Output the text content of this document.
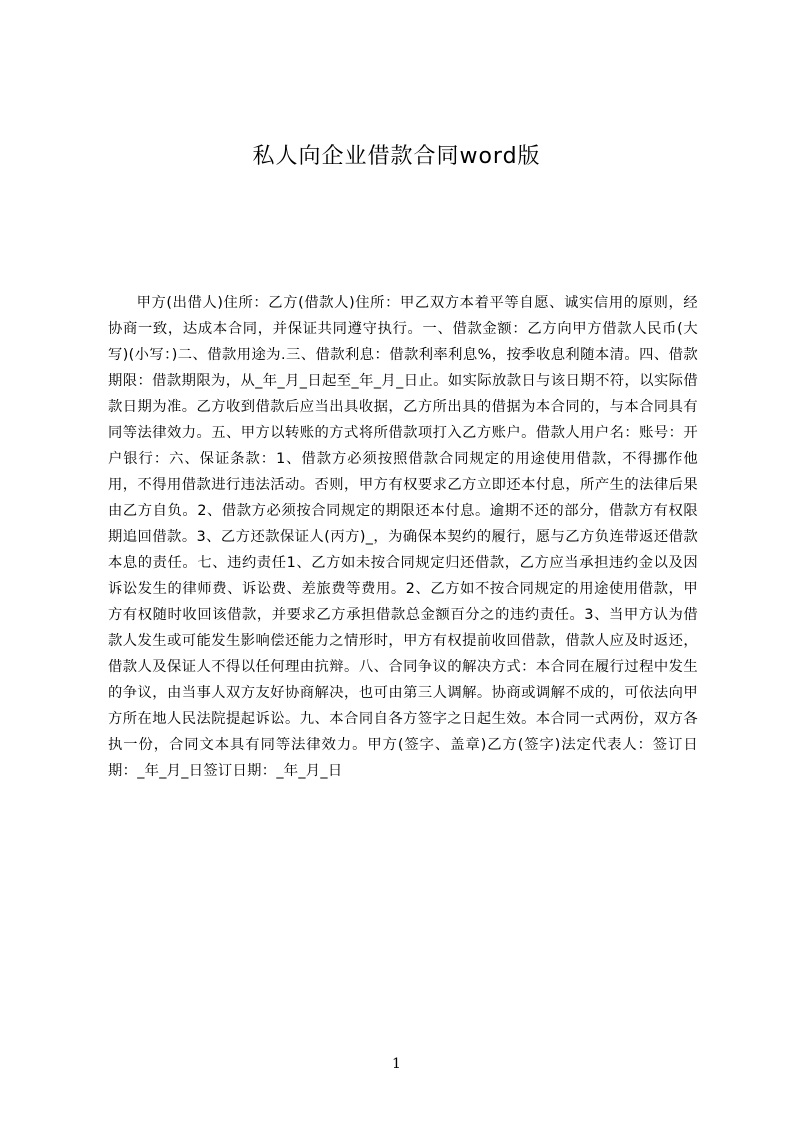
私人向企业借款合同word版

甲方(出借人)住所：乙方(借款人)住所：甲乙双方本着平等自愿、诚实信用的原则，经协商一致，达成本合同，并保证共同遵守执行。一、借款金额：乙方向甲方借款人民币(大写)(小写：)二、借款用途为.三、借款利息：借款利率利息%，按季收息利随本清。四、借款期限：借款期限为，从_年_月_日起至_年_月_日止。如实际放款日与该日期不符，以实际借款日期为准。乙方收到借款后应当出具收据，乙方所出具的借据为本合同的，与本合同具有同等法律效力。五、甲方以转账的方式将所借款项打入乙方账户。借款人用户名：账号：开户银行：六、保证条款：1、借款方必须按照借款合同规定的用途使用借款，不得挪作他用，不得用借款进行违法活动。否则，甲方有权要求乙方立即还本付息，所产生的法律后果由乙方自负。2、借款方必须按合同规定的期限还本付息。逾期不还的部分，借款方有权限期追回借款。3、乙方还款保证人(丙方)_，为确保本契约的履行，愿与乙方负连带返还借款本息的责任。七、违约责任1、乙方如未按合同规定归还借款，乙方应当承担违约金以及因诉讼发生的律师费、诉讼费、差旅费等费用。2、乙方如不按合同规定的用途使用借款，甲方有权随时收回该借款，并要求乙方承担借款总金额百分之的违约责任。3、当甲方认为借款人发生或可能发生影响偿还能力之情形时，甲方有权提前收回借款，借款人应及时返还，借款人及保证人不得以任何理由抗辩。八、合同争议的解决方式：本合同在履行过程中发生的争议，由当事人双方友好协商解决，也可由第三人调解。协商或调解不成的，可依法向甲方所在地人民法院提起诉讼。九、本合同自各方签字之日起生效。本合同一式两份，双方各执一份，合同文本具有同等法律效力。甲方(签字、盖章)乙方(签字)法定代表人：签订日期：_年_月_日签订日期：_年_月_日

1
